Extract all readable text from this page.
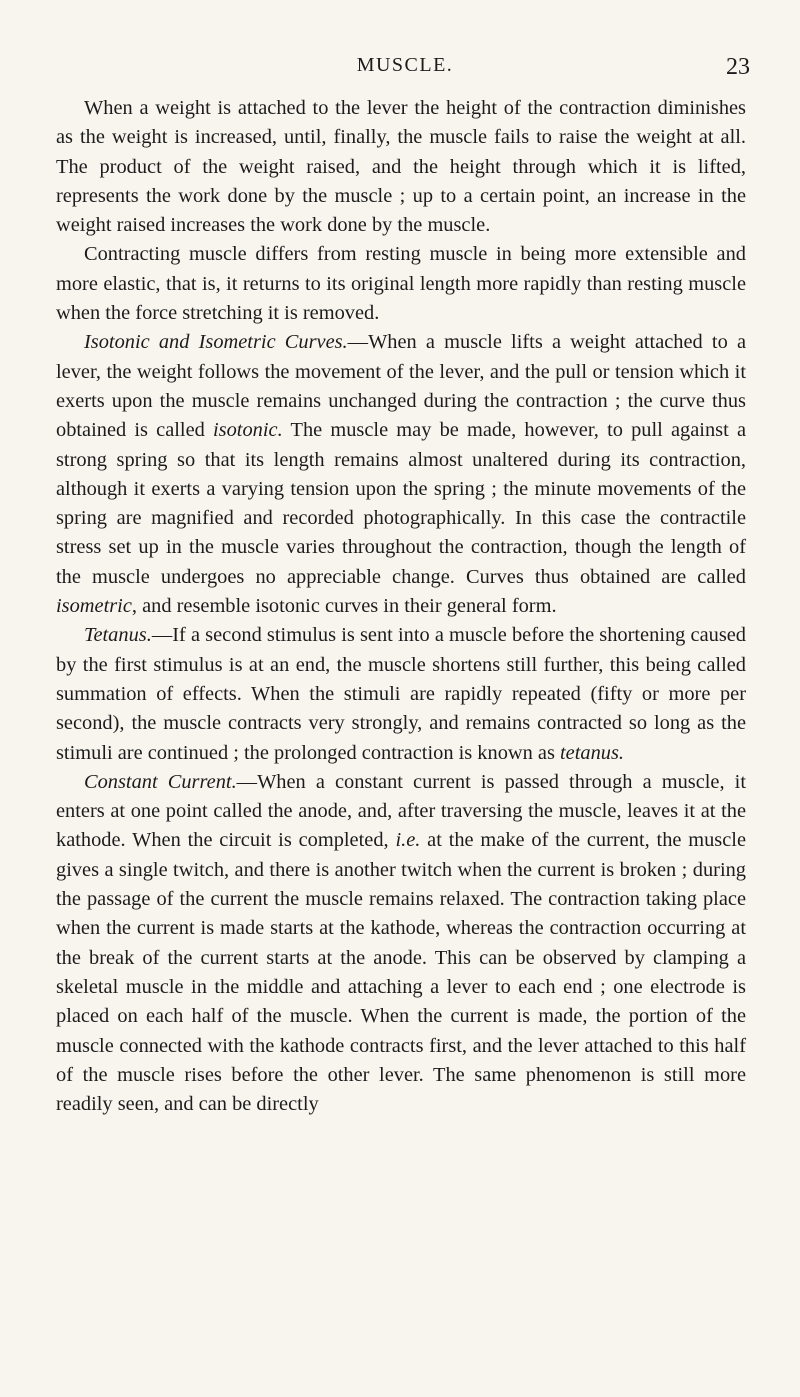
MUSCLE.	23

When a weight is attached to the lever the height of the contraction diminishes as the weight is increased, until, finally, the muscle fails to raise the weight at all. The product of the weight raised, and the height through which it is lifted, represents the work done by the muscle ; up to a certain point, an increase in the weight raised increases the work done by the muscle.

Contracting muscle differs from resting muscle in being more extensible and more elastic, that is, it returns to its original length more rapidly than resting muscle when the force stretching it is removed.

Isotonic and Isometric Curves.—When a muscle lifts a weight attached to a lever, the weight follows the movement of the lever, and the pull or tension which it exerts upon the muscle remains unchanged during the contraction ; the curve thus obtained is called isotonic. The muscle may be made, however, to pull against a strong spring so that its length remains almost unaltered during its contraction, although it exerts a varying tension upon the spring ; the minute movements of the spring are magnified and recorded photographically. In this case the contractile stress set up in the muscle varies throughout the contraction, though the length of the muscle undergoes no appreciable change. Curves thus obtained are called isometric, and resemble isotonic curves in their general form.

Tetanus.—If a second stimulus is sent into a muscle before the shortening caused by the first stimulus is at an end, the muscle shortens still further, this being called summation of effects. When the stimuli are rapidly repeated (fifty or more per second), the muscle contracts very strongly, and remains contracted so long as the stimuli are continued ; the prolonged contraction is known as tetanus.

Constant Current.—When a constant current is passed through a muscle, it enters at one point called the anode, and, after traversing the muscle, leaves it at the kathode. When the circuit is completed, i.e. at the make of the current, the muscle gives a single twitch, and there is another twitch when the current is broken ; during the passage of the current the muscle remains relaxed. The contraction taking place when the current is made starts at the kathode, whereas the contraction occurring at the break of the current starts at the anode. This can be observed by clamping a skeletal muscle in the middle and attaching a lever to each end ; one electrode is placed on each half of the muscle. When the current is made, the portion of the muscle connected with the kathode contracts first, and the lever attached to this half of the muscle rises before the other lever. The same phenomenon is still more readily seen, and can be directly
